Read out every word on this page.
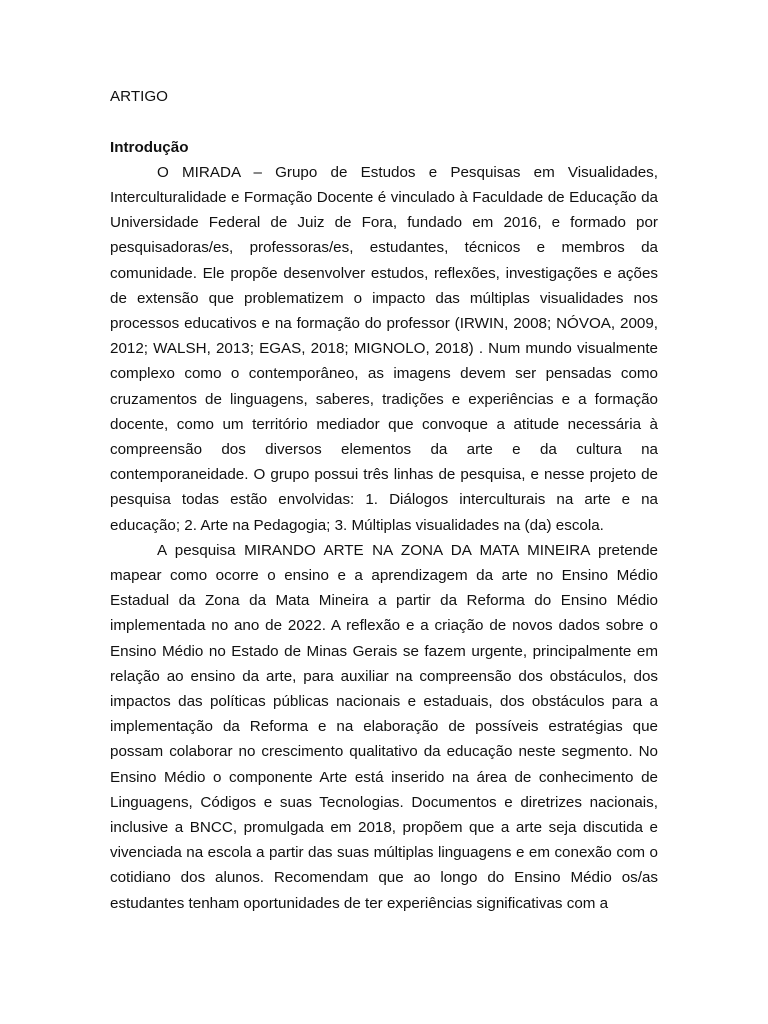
ARTIGO

Introdução

O MIRADA – Grupo de Estudos e Pesquisas em Visualidades, Interculturalidade e Formação Docente é vinculado à Faculdade de Educação da Universidade Federal de Juiz de Fora, fundado em 2016, e formado por pesquisadoras/es, professoras/es, estudantes, técnicos e membros da comunidade. Ele propõe desenvolver estudos, reflexões, investigações e ações de extensão que problematizem o impacto das múltiplas visualidades nos processos educativos e na formação do professor (IRWIN, 2008; NÓVOA, 2009, 2012; WALSH, 2013; EGAS, 2018; MIGNOLO, 2018) . Num mundo visualmente complexo como o contemporâneo, as imagens devem ser pensadas como cruzamentos de linguagens, saberes, tradições e experiências e a formação docente, como um território mediador que convoque a atitude necessária à compreensão dos diversos elementos da arte e da cultura na contemporaneidade. O grupo possui três linhas de pesquisa, e nesse projeto de pesquisa todas estão envolvidas: 1. Diálogos interculturais na arte e na educação; 2. Arte na Pedagogia; 3. Múltiplas visualidades na (da) escola.

A pesquisa MIRANDO ARTE NA ZONA DA MATA MINEIRA pretende mapear como ocorre o ensino e a aprendizagem da arte no Ensino Médio Estadual da Zona da Mata Mineira a partir da Reforma do Ensino Médio implementada no ano de 2022. A reflexão e a criação de novos dados sobre o Ensino Médio no Estado de Minas Gerais se fazem urgente, principalmente em relação ao ensino da arte, para auxiliar na compreensão dos obstáculos, dos impactos das políticas públicas nacionais e estaduais, dos obstáculos para a implementação da Reforma e na elaboração de possíveis estratégias que possam colaborar no crescimento qualitativo da educação neste segmento. No Ensino Médio o componente Arte está inserido na área de conhecimento de Linguagens, Códigos e suas Tecnologias. Documentos e diretrizes nacionais, inclusive a BNCC, promulgada em 2018, propõem que a arte seja discutida e vivenciada na escola a partir das suas múltiplas linguagens e em conexão com o cotidiano dos alunos. Recomendam que ao longo do Ensino Médio os/as estudantes tenham oportunidades de ter experiências significativas com a
